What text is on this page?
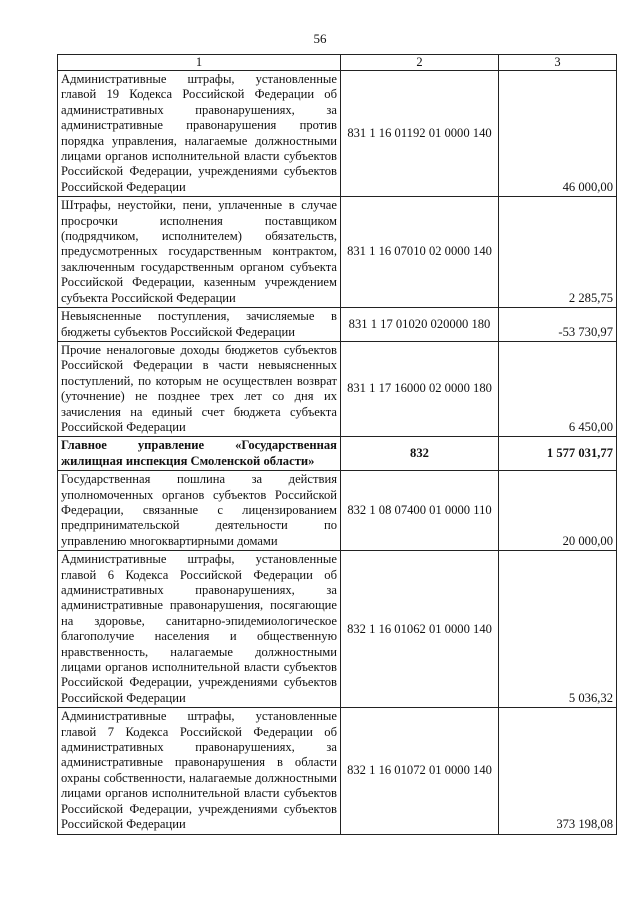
56
1	2	3
Административные штрафы, установленные главой 19 Кодекса Российской Федерации об административных правонарушениях, за административные правонарушения против порядка управления, налагаемые должностными лицами органов исполнительной власти субъектов Российской Федерации, учреждениями субъектов Российской Федерации	831 1 16 01192 01 0000 140	46 000,00
Штрафы, неустойки, пени, уплаченные в случае просрочки исполнения поставщиком (подрядчиком, исполнителем) обязательств, предусмотренных государственным контрактом, заключенным государственным органом субъекта Российской Федерации, казенным учреждением субъекта Российской Федерации	831 1 16 07010 02 0000 140	2 285,75
Невыясненные поступления, зачисляемые в бюджеты субъектов Российской Федерации	831 1 17 01020 020000 180	-53 730,97
Прочие неналоговые доходы бюджетов субъектов Российской Федерации в части невыясненных поступлений, по которым не осуществлен возврат (уточнение) не позднее трех лет со дня их зачисления на единый счет бюджета субъекта Российской Федерации	831 1 17 16000 02 0000 180	6 450,00
Главное управление «Государственная жилищная инспекция Смоленской области»	832	1 577 031,77
Государственная пошлина за действия уполномоченных органов субъектов Российской Федерации, связанные с лицензированием предпринимательской деятельности по управлению многоквартирными домами	832 1 08 07400 01 0000 110	20 000,00
Административные штрафы, установленные главой 6 Кодекса Российской Федерации об административных правонарушениях, за административные правонарушения, посягающие на здоровье, санитарно-эпидемиологическое благополучие населения и общественную нравственность, налагаемые должностными лицами органов исполнительной власти субъектов Российской Федерации, учреждениями субъектов Российской Федерации	832 1 16 01062 01 0000 140	5 036,32
Административные штрафы, установленные главой 7 Кодекса Российской Федерации об административных правонарушениях, за административные правонарушения в области охраны собственности, налагаемые должностными лицами органов исполнительной власти субъектов Российской Федерации, учреждениями субъектов Российской Федерации	832 1 16 01072 01 0000 140	373 198,08
